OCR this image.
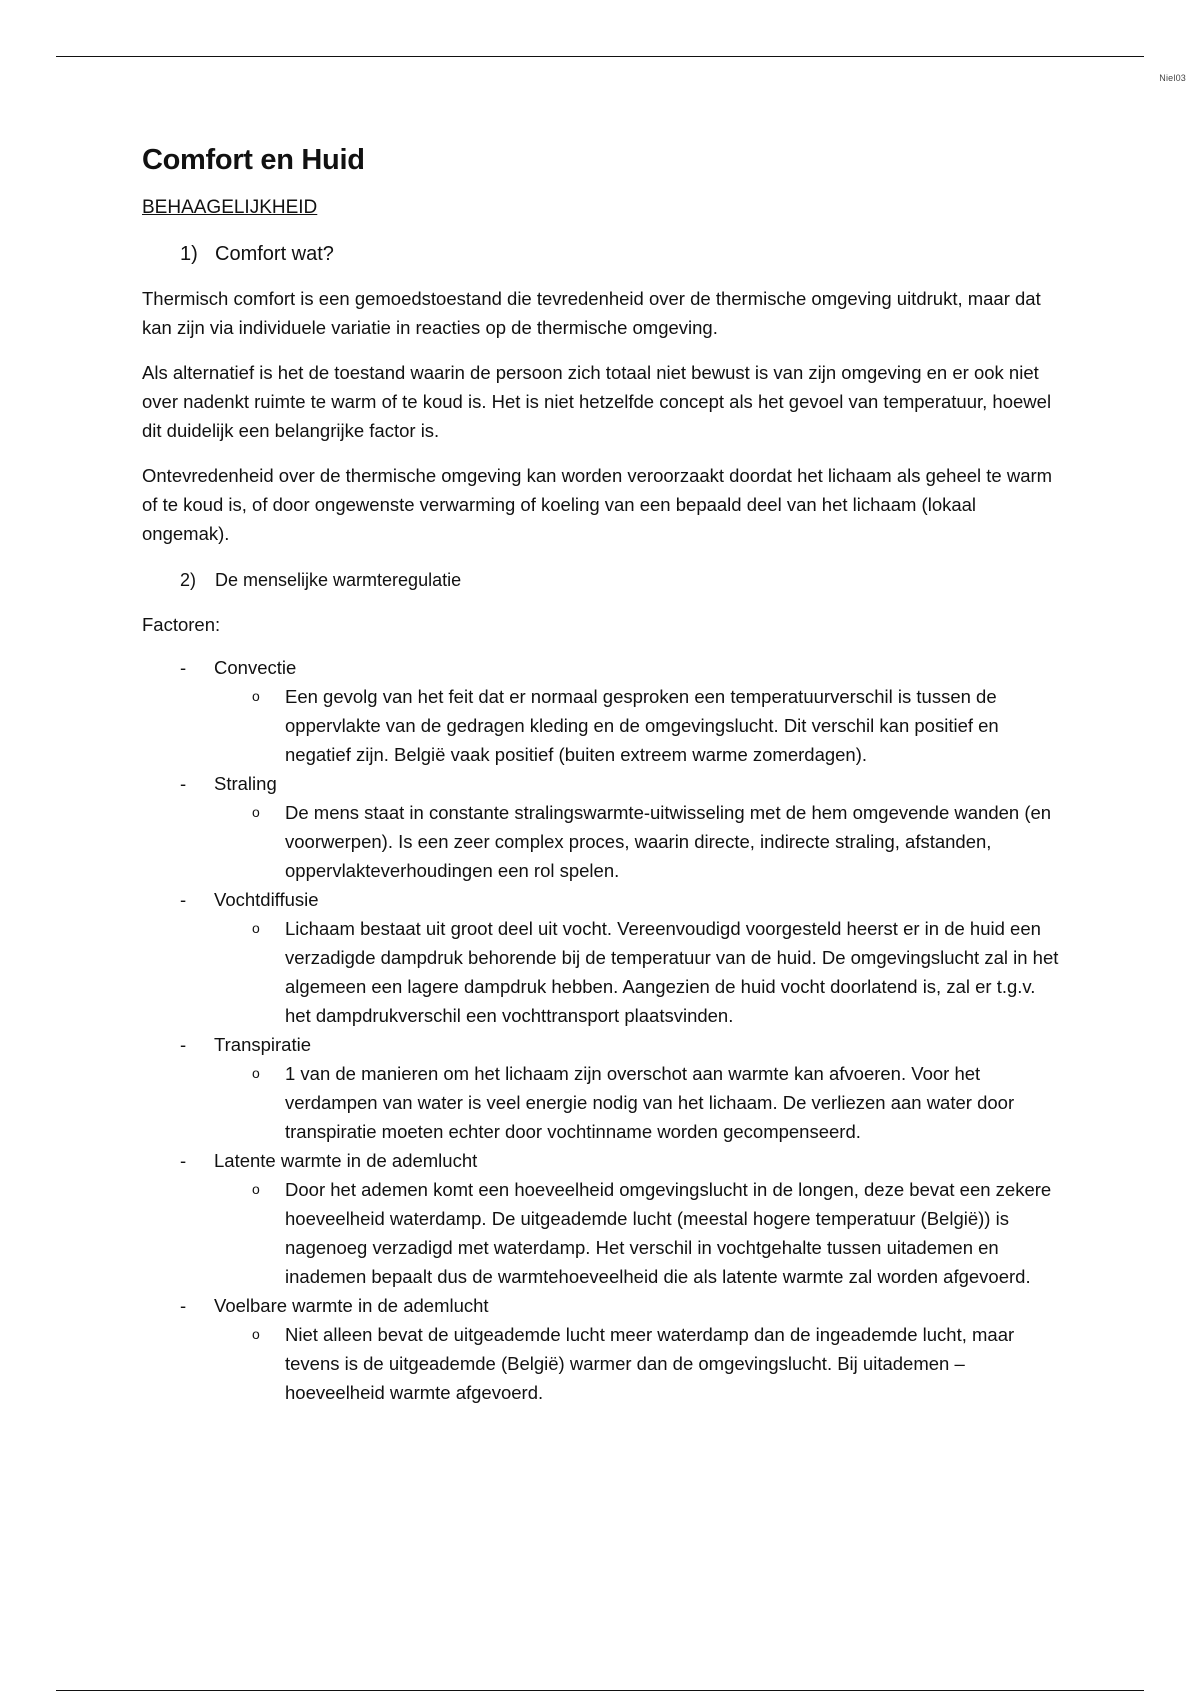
Niel03
Comfort en Huid
BEHAAGELIJKHEID
1) Comfort wat?

Thermisch comfort is een gemoedstoestand die tevredenheid over de thermische omgeving uitdrukt, maar dat kan zijn via individuele variatie in reacties op de thermische omgeving.

Als alternatief is het de toestand waarin de persoon zich totaal niet bewust is van zijn omgeving en er ook niet over nadenkt ruimte te warm of te koud is. Het is niet hetzelfde concept als het gevoel van temperatuur, hoewel dit duidelijk een belangrijke factor is.

Ontevredenheid over de thermische omgeving kan worden veroorzaakt doordat het lichaam als geheel te warm of te koud is, of door ongewenste verwarming of koeling van een bepaald deel van het lichaam (lokaal ongemak).

2)	De menselijke warmteregulatie
Factoren:
-	Convectie
o	Een gevolg van het feit dat er normaal gesproken een temperatuurverschil is tussen de oppervlakte van de gedragen kleding en de omgevingslucht. Dit verschil kan positief en negatief zijn. België vaak positief (buiten extreem warme zomerdagen).
-	Straling
o	De mens staat in constante stralingswarmte-uitwisseling met de hem omgevende wanden (en voorwerpen). Is een zeer complex proces, waarin directe, indirecte straling, afstanden, oppervlakteverhoudingen een rol spelen.
-	Vochtdiffusie
o	Lichaam bestaat uit groot deel uit vocht. Vereenvoudigd voorgesteld heerst er in de huid een verzadigde dampdruk behorende bij de temperatuur van de huid. De omgevingslucht zal in het algemeen een lagere dampdruk hebben. Aangezien de huid vocht doorlatend is, zal er t.g.v. het dampdrukverschil een vochttransport plaatsvinden.
-	Transpiratie
o	1 van de manieren om het lichaam zijn overschot aan warmte kan afvoeren. Voor het verdampen van water is veel energie nodig van het lichaam. De verliezen aan water door transpiratie moeten echter door vochtinname worden gecompenseerd.
-	Latente warmte in de ademlucht
o	Door het ademen komt een hoeveelheid omgevingslucht in de longen, deze bevat een zekere hoeveelheid waterdamp. De uitgeademde lucht (meestal hogere temperatuur (België)) is nagenoeg verzadigd met waterdamp. Het verschil in vochtgehalte tussen uitademen en inademen bepaalt dus de warmtehoeveelheid die als latente warmte zal worden afgevoerd.
-	Voelbare warmte in de ademlucht
o	Niet alleen bevat de uitgeademde lucht meer waterdamp dan de ingeademde lucht, maar tevens is de uitgeademde (België) warmer dan de omgevingslucht. Bij uitademen – hoeveelheid warmte afgevoerd.
